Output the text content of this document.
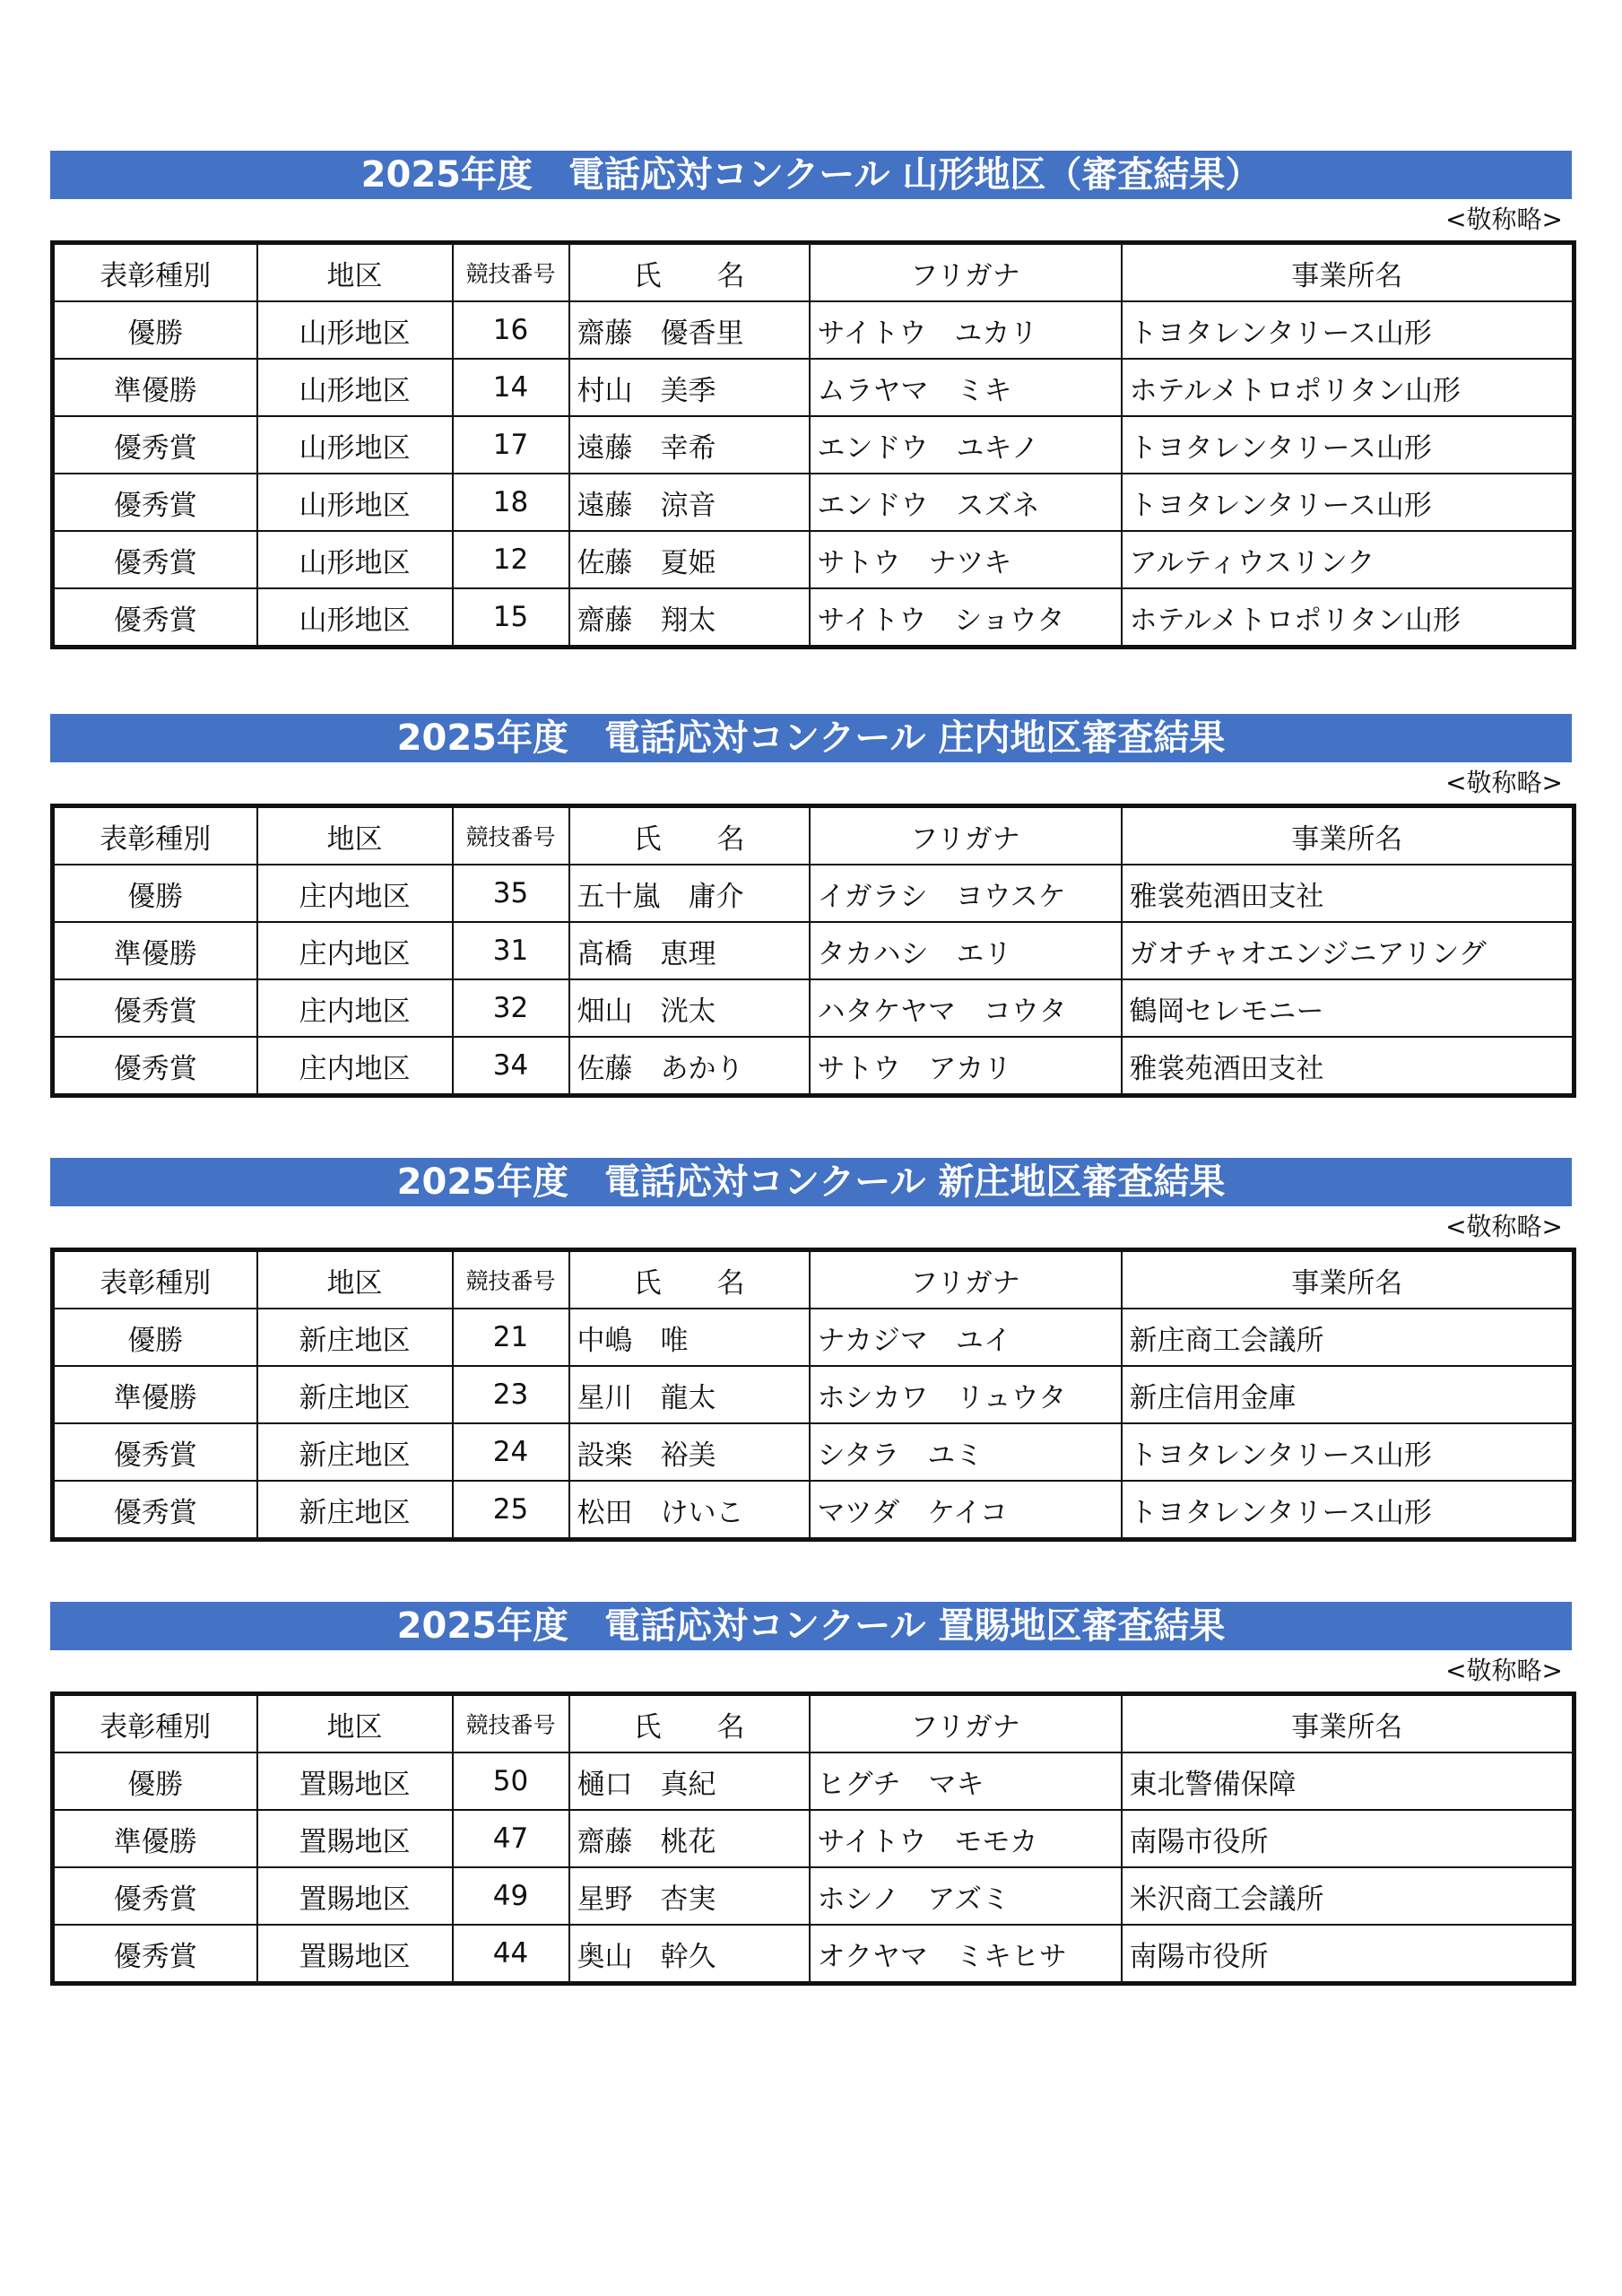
2025年度　電話応対コンクール 山形地区（審査結果）
<敬称略>
表彰種別	地区	競技番号	氏　　名	フリガナ	事業所名
優勝	山形地区	16	齋藤　優香里	サイトウ　ユカリ	トヨタレンタリース山形
準優勝	山形地区	14	村山　美季	ムラヤマ　ミキ	ホテルメトロポリタン山形
優秀賞	山形地区	17	遠藤　幸希	エンドウ　ユキノ	トヨタレンタリース山形
優秀賞	山形地区	18	遠藤　涼音	エンドウ　スズネ	トヨタレンタリース山形
優秀賞	山形地区	12	佐藤　夏姫	サトウ　ナツキ	アルティウスリンク
優秀賞	山形地区	15	齋藤　翔太	サイトウ　ショウタ	ホテルメトロポリタン山形
2025年度　電話応対コンクール 庄内地区審査結果
<敬称略>
表彰種別	地区	競技番号	氏　　名	フリガナ	事業所名
優勝	庄内地区	35	五十嵐　庸介	イガラシ　ヨウスケ	雅裳苑酒田支社
準優勝	庄内地区	31	髙橋　恵理	タカハシ　エリ	ガオチャオエンジニアリング
優秀賞	庄内地区	32	畑山　洸太	ハタケヤマ　コウタ	鶴岡セレモニー
優秀賞	庄内地区	34	佐藤　あかり	サトウ　アカリ	雅裳苑酒田支社
2025年度　電話応対コンクール 新庄地区審査結果
<敬称略>
表彰種別	地区	競技番号	氏　　名	フリガナ	事業所名
優勝	新庄地区	21	中嶋　唯	ナカジマ　ユイ	新庄商工会議所
準優勝	新庄地区	23	星川　龍太	ホシカワ　リュウタ	新庄信用金庫
優秀賞	新庄地区	24	設楽　裕美	シタラ　ユミ	トヨタレンタリース山形
優秀賞	新庄地区	25	松田　けいこ	マツダ　ケイコ	トヨタレンタリース山形
2025年度　電話応対コンクール 置賜地区審査結果
<敬称略>
表彰種別	地区	競技番号	氏　　名	フリガナ	事業所名
優勝	置賜地区	50	樋口　真紀	ヒグチ　マキ	東北警備保障
準優勝	置賜地区	47	齋藤　桃花	サイトウ　モモカ	南陽市役所
優秀賞	置賜地区	49	星野　杏実	ホシノ　アズミ	米沢商工会議所
優秀賞	置賜地区	44	奥山　幹久	オクヤマ　ミキヒサ	南陽市役所
